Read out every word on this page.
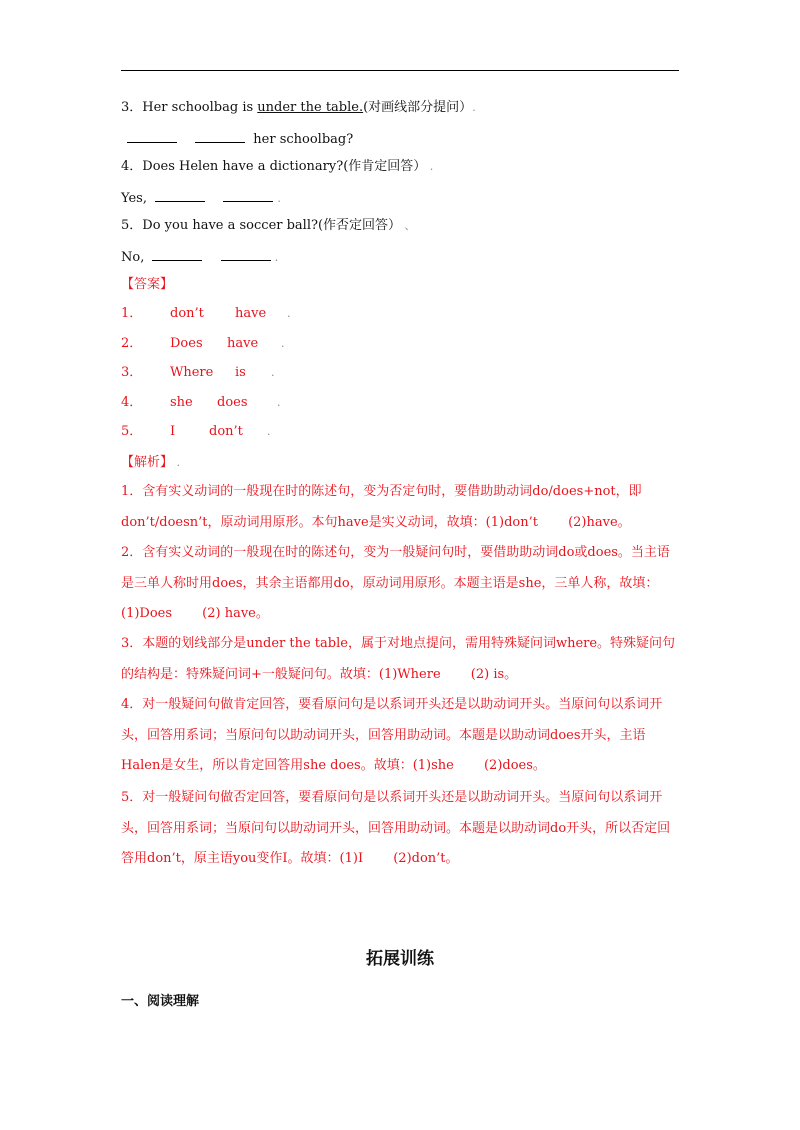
3．Her schoolbag is under the table.(对画线部分提问）.
her schoolbag?
4．Does Helen have a dictionary?(作肯定回答） .
Yes,	.
5．Do you have a soccer ball?(作否定回答） 、
No,	.
【答案】
1． don’t have .
2． Does have .
3． Where is .
4． she does	.
5． I	don’t .
【解析】 .
1．含有实义动词的一般现在时的陈述句，变为否定句时，要借助助动词do/does+not，即don’t/doesn’t，原动词用原形。本句have是实义动词，故填：(1)don’t　　 (2)have。
2．含有实义动词的一般现在时的陈述句，变为一般疑问句时，要借助助动词do或does。当主语是三单人称时用does，其余主语都用do，原动词用原形。本题主语是she，三单人称，故填：(1)Does　　 (2) have。
3．本题的划线部分是under the table，属于对地点提问，需用特殊疑问词where。特殊疑问句的结构是：特殊疑问词+一般疑问句。故填：(1)Where　　 (2) is。
4．对一般疑问句做肯定回答，要看原问句是以系词开头还是以助动词开头。当原问句以系词开头，回答用系词；当原问句以助动词开头，回答用助动词。本题是以助动词does开头，主语Halen是女生，所以肯定回答用she does。故填：(1)she　　 (2)does。
5．对一般疑问句做否定回答，要看原问句是以系词开头还是以助动词开头。当原问句以系词开头，回答用系词；当原问句以助动词开头，回答用助动词。本题是以助动词do开头，所以否定回答用don’t，原主语you变作I。故填：(1)I　　 (2)don’t。
拓展训练
一、阅读理解
